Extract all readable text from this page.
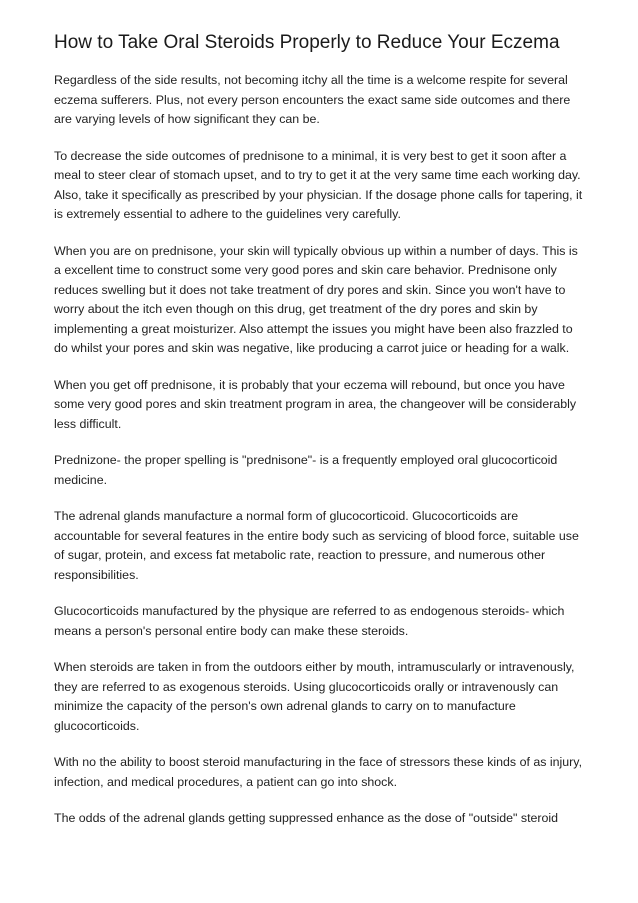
How to Take Oral Steroids Properly to Reduce Your Eczema

Regardless of the side results, not becoming itchy all the time is a welcome respite for several eczema sufferers. Plus, not every person encounters the exact same side outcomes and there are varying levels of how significant they can be.

To decrease the side outcomes of prednisone to a minimal, it is very best to get it soon after a meal to steer clear of stomach upset, and to try to get it at the very same time each working day. Also, take it specifically as prescribed by your physician. If the dosage phone calls for tapering, it is extremely essential to adhere to the guidelines very carefully.

When you are on prednisone, your skin will typically obvious up within a number of days. This is a excellent time to construct some very good pores and skin care behavior. Prednisone only reduces swelling but it does not take treatment of dry pores and skin. Since you won't have to worry about the itch even though on this drug, get treatment of the dry pores and skin by implementing a great moisturizer. Also attempt the issues you might have been also frazzled to do whilst your pores and skin was negative, like producing a carrot juice or heading for a walk.

When you get off prednisone, it is probably that your eczema will rebound, but once you have some very good pores and skin treatment program in area, the changeover will be considerably less difficult.

Prednizone- the proper spelling is "prednisone"- is a frequently employed oral glucocorticoid medicine.

The adrenal glands manufacture a normal form of glucocorticoid. Glucocorticoids are accountable for several features in the entire body such as servicing of blood force, suitable use of sugar, protein, and excess fat metabolic rate, reaction to pressure, and numerous other responsibilities.

Glucocorticoids manufactured by the physique are referred to as endogenous steroids- which means a person's personal entire body can make these steroids.

When steroids are taken in from the outdoors either by mouth, intramuscularly or intravenously, they are referred to as exogenous steroids. Using glucocorticoids orally or intravenously can minimize the capacity of the person's own adrenal glands to carry on to manufacture glucocorticoids.

With no the ability to boost steroid manufacturing in the face of stressors these kinds of as injury, infection, and medical procedures, a patient can go into shock.

The odds of the adrenal glands getting suppressed enhance as the dose of "outside" steroid
